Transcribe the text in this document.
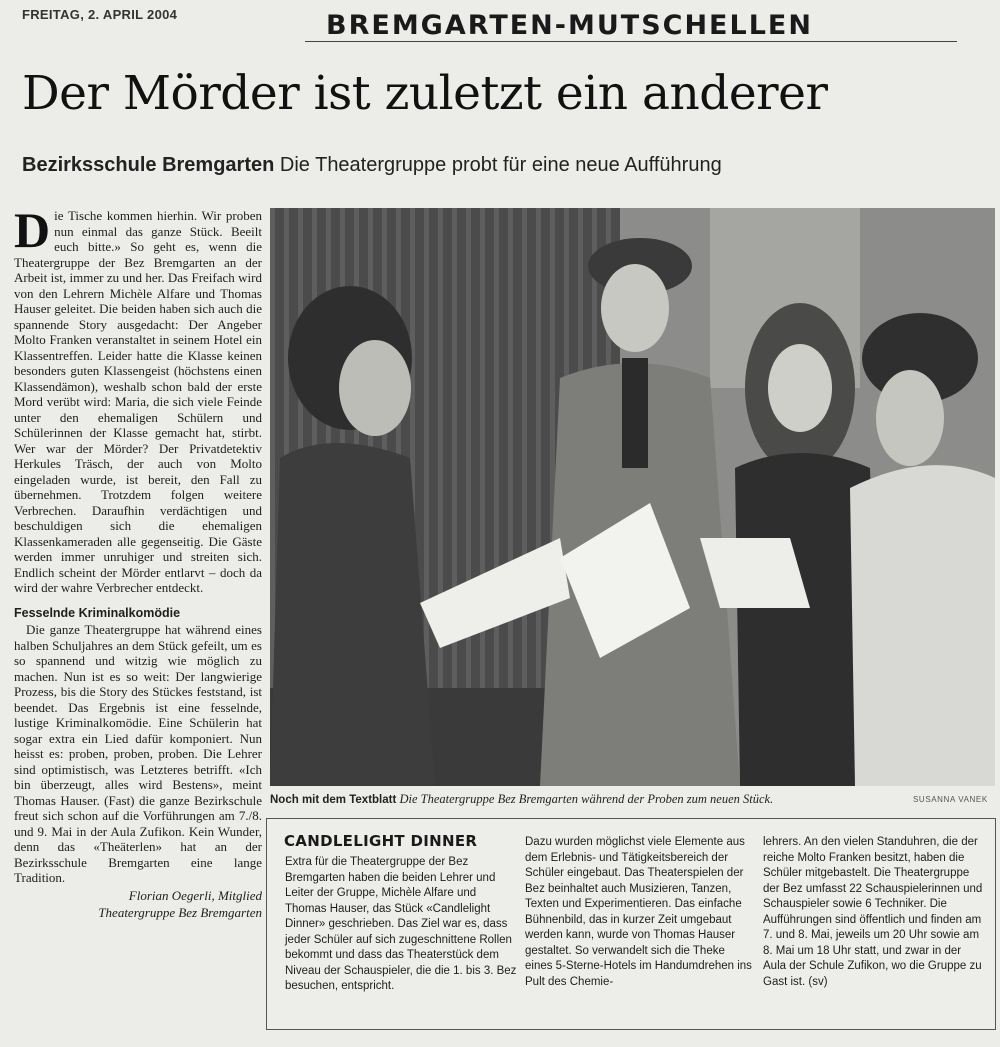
FREITAG, 2. APRIL 2004	BREMGARTEN-MUTSCHELLEN
Der Mörder ist zuletzt ein anderer
Bezirksschule Bremgarten Die Theatergruppe probt für eine neue Aufführung

Die Tische kommen hierhin. Wir proben nun einmal das ganze Stück. Beeilt euch bitte.» So geht es, wenn die Theatergruppe der Bez Bremgarten an der Arbeit ist, immer zu und her. Das Freifach wird von den Lehrern Michèle Alfare und Thomas Hauser geleitet. Die beiden haben sich auch die spannende Story ausgedacht: Der Angeber Molto Franken veranstaltet in seinem Hotel ein Klassentreffen. Leider hatte die Klasse keinen besonders guten Klassengeist (höchstens einen Klassendämon), weshalb schon bald der erste Mord verübt wird: Maria, die sich viele Feinde unter den ehemaligen Schülern und Schülerinnen der Klasse gemacht hat, stirbt. Wer war der Mörder? Der Privatdetektiv Herkules Träsch, der auch von Molto eingeladen wurde, ist bereit, den Fall zu übernehmen. Trotzdem folgen weitere Verbrechen. Daraufhin verdächtigen und beschuldigen sich die ehemaligen Klassenkameraden alle gegenseitig. Die Gäste werden immer unruhiger und streiten sich. Endlich scheint der Mörder entlarvt – doch da wird der wahre Verbrecher entdeckt.

Fesselnde Kriminalkomödie

Die ganze Theatergruppe hat während eines halben Schuljahres an dem Stück gefeilt, um es so spannend und witzig wie möglich zu machen. Nun ist es so weit: Der langwierige Prozess, bis die Story des Stückes feststand, ist beendet. Das Ergebnis ist eine fesselnde, lustige Kriminalkomödie. Eine Schülerin hat sogar extra ein Lied dafür komponiert. Nun heisst es: proben, proben, proben. Die Lehrer sind optimistisch, was Letzteres betrifft. «Ich bin überzeugt, alles wird Bestens», meint Thomas Hauser. (Fast) die ganze Bezirkschule freut sich schon auf die Vorführungen am 7./8. und 9. Mai in der Aula Zufikon. Kein Wunder, denn das «Theäterlen» hat an der Bezirksschule Bremgarten eine lange Tradition.

Florian Oegerli, Mitglied
Theatergruppe Bez Bremgarten
Noch mit dem Textblatt Die Theatergruppe Bez Bremgarten während der Proben zum neuen Stück.	SUSANNA VANEK
CANDLELIGHT DINNER

Extra für die Theatergruppe der Bez Bremgarten haben die beiden Lehrer und Leiter der Gruppe, Michèle Alfare und Thomas Hauser, das Stück «Candlelight Dinner» geschrieben. Das Ziel war es, dass jeder Schüler auf sich zugeschnittene Rollen bekommt und dass das Theaterstück dem Niveau der Schauspieler, die die 1. bis 3. Bez besuchen, entspricht.

Dazu wurden möglichst viele Elemente aus dem Erlebnis- und Tätigkeitsbereich der Schüler eingebaut. Das Theaterspielen der Bez beinhaltet auch Musizieren, Tanzen, Texten und Experimentieren. Das einfache Bühnenbild, das in kurzer Zeit umgebaut werden kann, wurde von Thomas Hauser gestaltet. So verwandelt sich die Theke eines 5-Sterne-Hotels im Handumdrehen ins Pult des Chemie-

lehrers. An den vielen Standuhren, die der reiche Molto Franken besitzt, haben die Schüler mitgebastelt. Die Theatergruppe der Bez umfasst 22 Schauspielerinnen und Schauspieler sowie 6 Techniker. Die Aufführungen sind öffentlich und finden am 7. und 8. Mai, jeweils um 20 Uhr sowie am 8. Mai um 18 Uhr statt, und zwar in der Aula der Schule Zufikon, wo die Gruppe zu Gast ist. (sv)
